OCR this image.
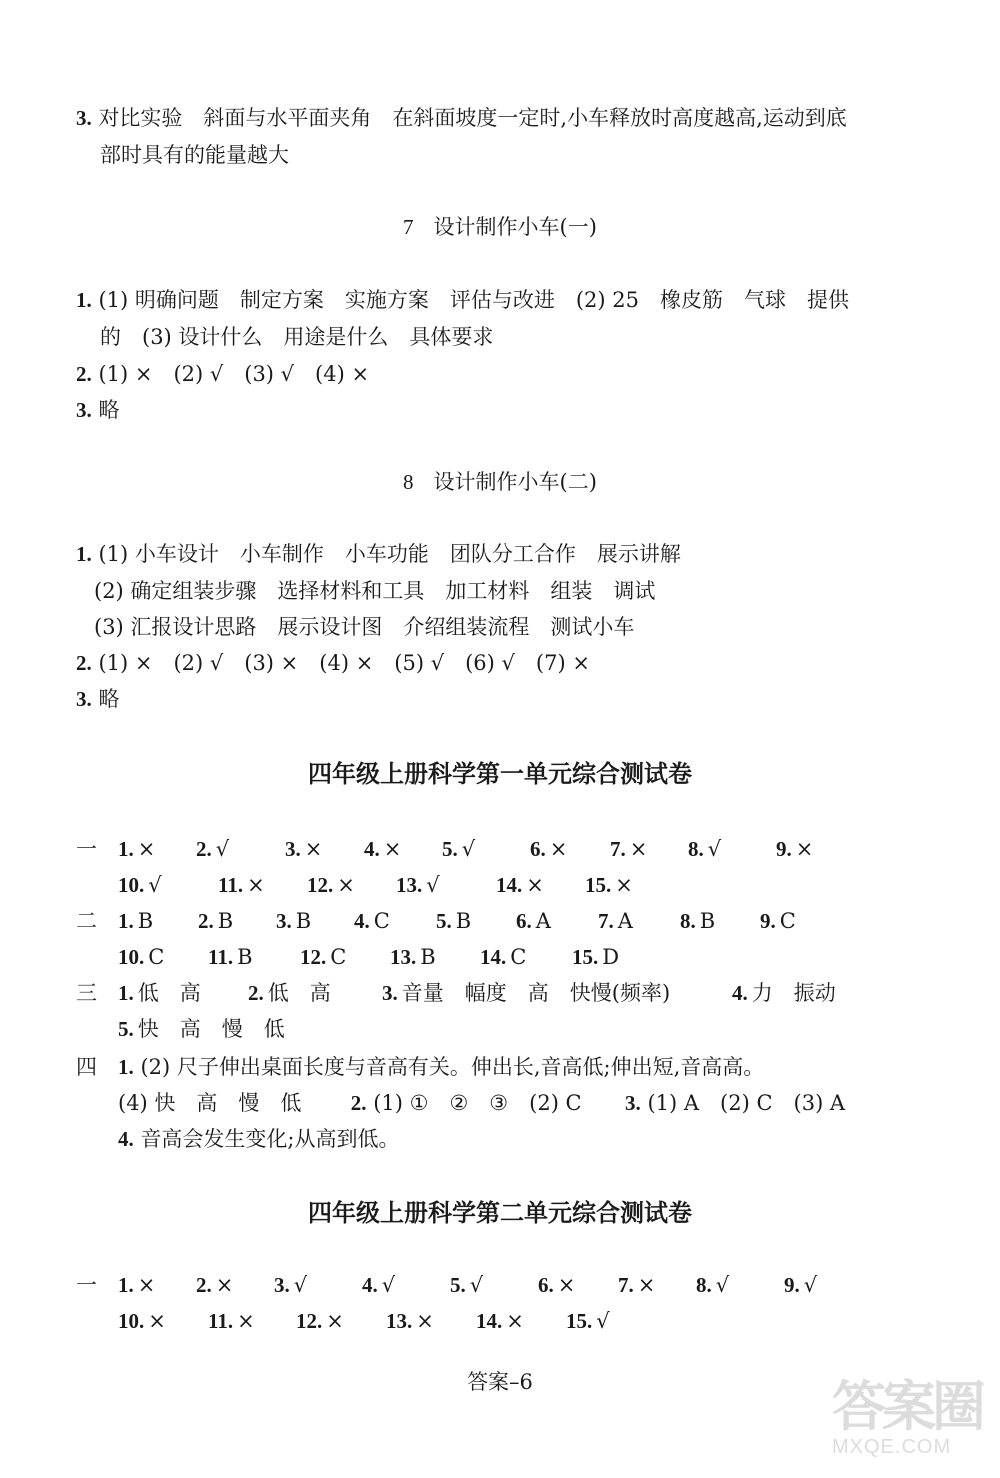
3. 对比实验　斜面与水平面夹角　在斜面坡度一定时,小车释放时高度越高,运动到底
部时具有的能量越大
7 设计制作小车(一)
1. (1) 明确问题　制定方案　实施方案　评估与改进　(2) 25　橡皮筋　气球　提供
的　(3) 设计什么　用途是什么　具体要求
2. (1) ×　(2) √　(3) √　(4) ×
3. 略
8 设计制作小车(二)
1. (1) 小车设计　小车制作　小车功能　团队分工合作　展示讲解
(2) 确定组装步骤　选择材料和工具　加工材料　组装　调试
(3) 汇报设计思路　展示设计图　介绍组装流程　测试小车
2. (1) ×　(2) √　(3) ×　(4) ×　(5) √　(6) √　(7) ×
3. 略
四年级上册科学第一单元综合测试卷
一 1. × 2. √	3. × 4. × 5. √	6. × 7. × 8. √	9. ×
10. √	11. × 12. × 13. √	14. × 15. ×
二 1. B 2. B 3. B 4. C 5. B 6. A 7. A 8. B 9. C
10. C 11. B 12. C 13. B 14. C 15. D
三 1. 低　高 2. 低　高 3. 音量　幅度　高　快慢(频率)	4. 力　振动
5. 快　高　慢　低
四 1. (2) 尺子伸出桌面长度与音高有关。伸出长,音高低;伸出短,音高高。
(4) 快　高　慢　低 2. (1) ①　②　③　(2) C 3. (1) A　(2) C　(3) A
4. 音高会发生变化;从高到低。
四年级上册科学第二单元综合测试卷
一 1. × 2. × 3. √	4. √	5. √	6. × 7. × 8. √	9. √
10. × 11. × 12. × 13. × 14. × 15. √
答案–6	答案圈
MXQE.COM
